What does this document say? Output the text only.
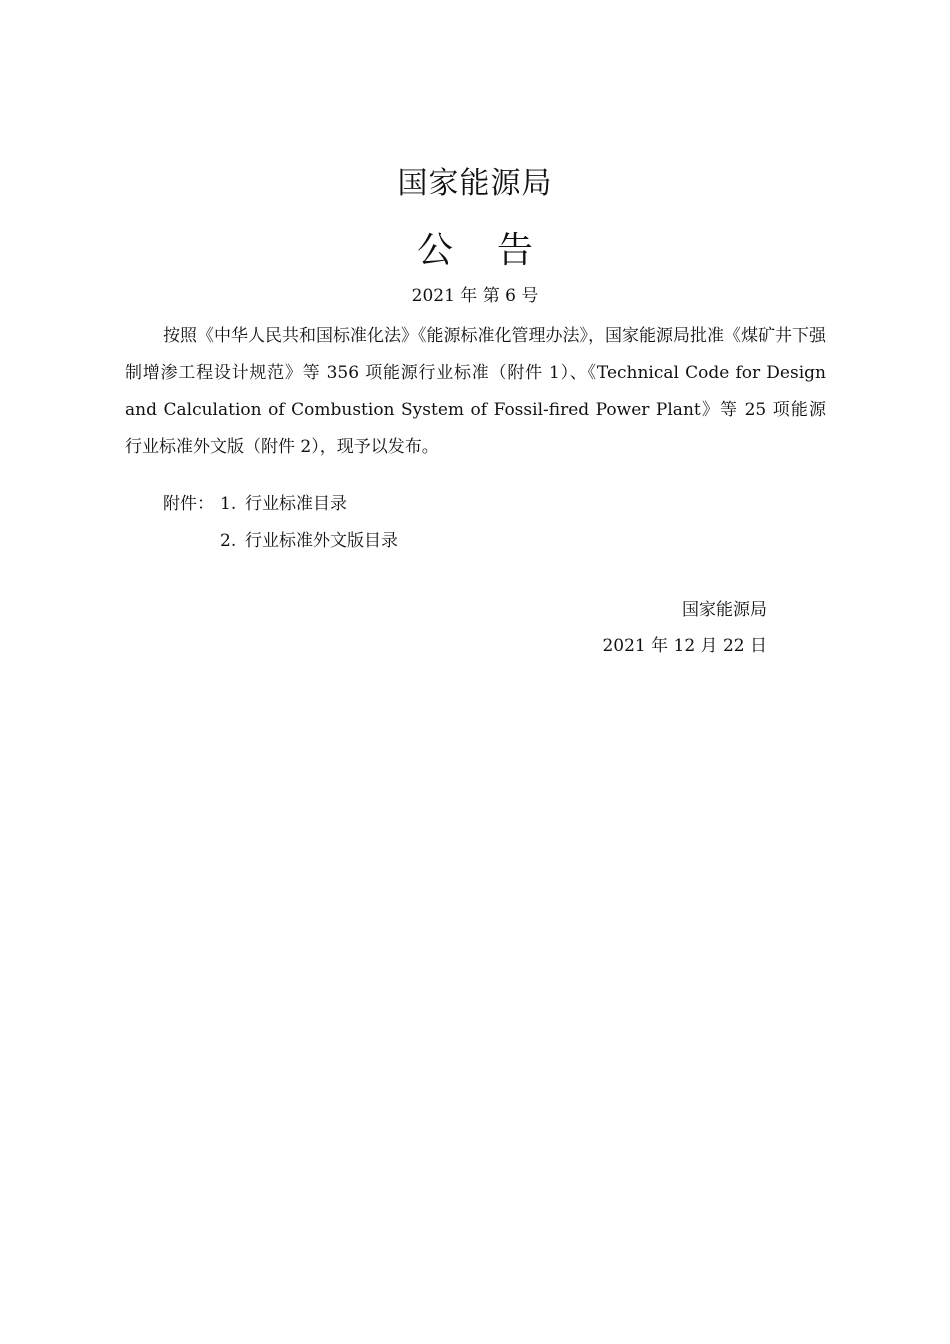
国家能源局
公告
2021 年 第 6 号

按照《中华人民共和国标准化法》《能源标准化管理办法》，国家能源局批准《煤矿井下强制增渗工程设计规范》等 356 项能源行业标准（附件 1）、《Technical Code for Design and Calculation of Combustion System of Fossil-fired Power Plant》等 25 项能源行业标准外文版（附件 2），现予以发布。

附件： 1. 行业标准目录
2. 行业标准外文版目录
国家能源局
2021 年 12 月 22 日
